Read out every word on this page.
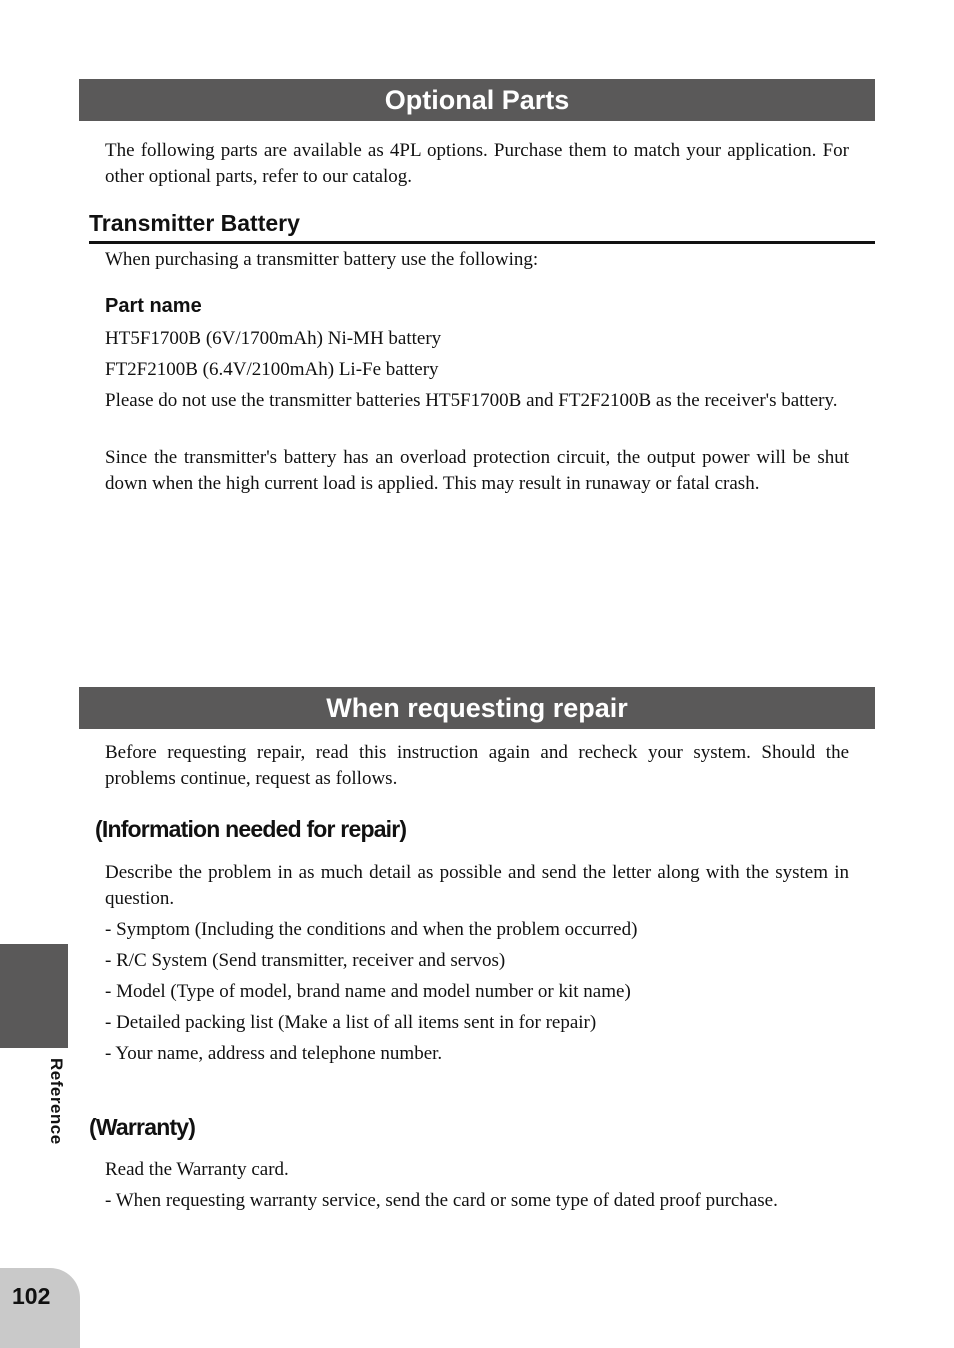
Optional Parts

The following parts are available as 4PL options. Purchase them to match your application. For other optional parts, refer to our catalog.

Transmitter Battery

When purchasing a transmitter battery use the following:

Part name

HT5F1700B (6V/1700mAh) Ni-MH battery

FT2F2100B (6.4V/2100mAh) Li-Fe battery

Please do not use the transmitter batteries HT5F1700B and FT2F2100B as the receiver's battery.

Since the transmitter's battery has an overload protection circuit, the output power will be shut down when the high current load is applied. This may result in runaway or fatal crash.

When requesting repair

Before requesting repair, read this instruction again and recheck your system. Should the problems continue, request as follows.

(Information needed for repair)

Describe the problem in as much detail as possible and send the letter along with the system in question.

- Symptom (Including the conditions and when the problem occurred)

- R/C System (Send transmitter, receiver and servos)

- Model (Type of model, brand name and model number or kit name)

- Detailed packing list (Make a list of all items sent in for repair)

- Your name, address and telephone number.

(Warranty)

Read the Warranty card.

- When requesting warranty service, send the card or some type of dated proof purchase.

Reference
102
